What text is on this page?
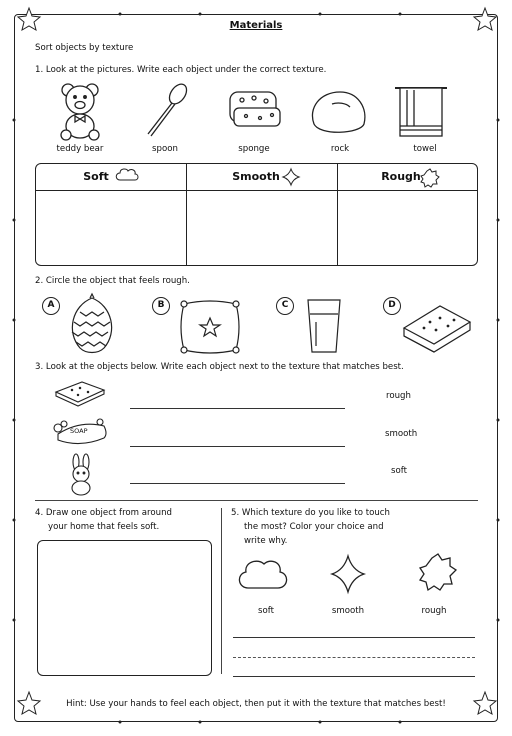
Materials
Sort objects by texture
1. Look at the pictures. Write each object under the correct texture.
teddy bear	spoon	sponge	rock	towel
Soft	Smooth	Rough
2. Circle the object that feels rough.
A	B	C	D
3. Look at the objects below. Write each object next to the texture that matches best.
SOAP
rough
smooth
soft
4. Draw one object from around
your home that feels soft.
5. Which texture do you like to touch
the most? Color your choice and
write why.
soft	smooth	rough
Hint: Use your hands to feel each object, then put it with the texture that matches best!
